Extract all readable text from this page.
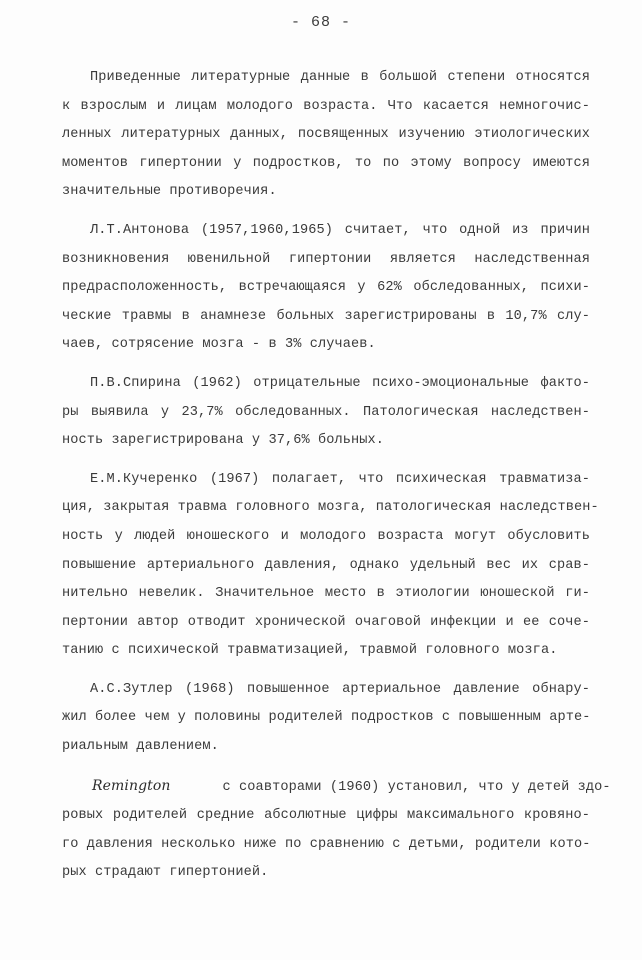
- 68 -

Приведенные литературные данные в большой степени относятся
к взрослым и лицам молодого возраста. Что касается немногочис-
ленных литературных данных, посвященных изучению этиологических
моментов гипертонии у подростков, то по этому вопросу имеются
значительные противоречия.

Л.Т.Антонова (1957,1960,1965) считает, что одной из причин
возникновения ювенильной гипертонии является наследственная
предрасположенность, встречающаяся у 62% обследованных, психи-
ческие травмы в анамнезе больных зарегистрированы в 10,7% слу-
чаев, сотрясение мозга - в 3% случаев.

П.В.Спирина (1962) отрицательные психо-эмоциональные факто-
ры выявила у 23,7% обследованных. Патологическая наследствен-
ность зарегистрирована у 37,6% больных.

Е.М.Кучеренко (1967) полагает, что психическая травматиза-
ция, закрытая травма головного мозга, патологическая наследствен-
ность у людей юношеского и молодого возраста могут обусловить
повышение артериального давления, однако удельный вес их срав-
нительно невелик. Значительное место в этиологии юношеской ги-
пертонии автор отводит хронической очаговой инфекции и ее соче-
танию с психической травматизацией, травмой головного мозга.

А.С.Зутлер (1968) повышенное артериальное давление обнару-
жил более чем у половины родителей подростков с повышенным арте-
риальным давлением.

Remington	с соавторами (1960) установил, что у детей здо-
ровых родителей средние абсолютные цифры максимального кровяно-
го давления несколько ниже по сравнению с детьми, родители кото-
рых страдают гипертонией.
